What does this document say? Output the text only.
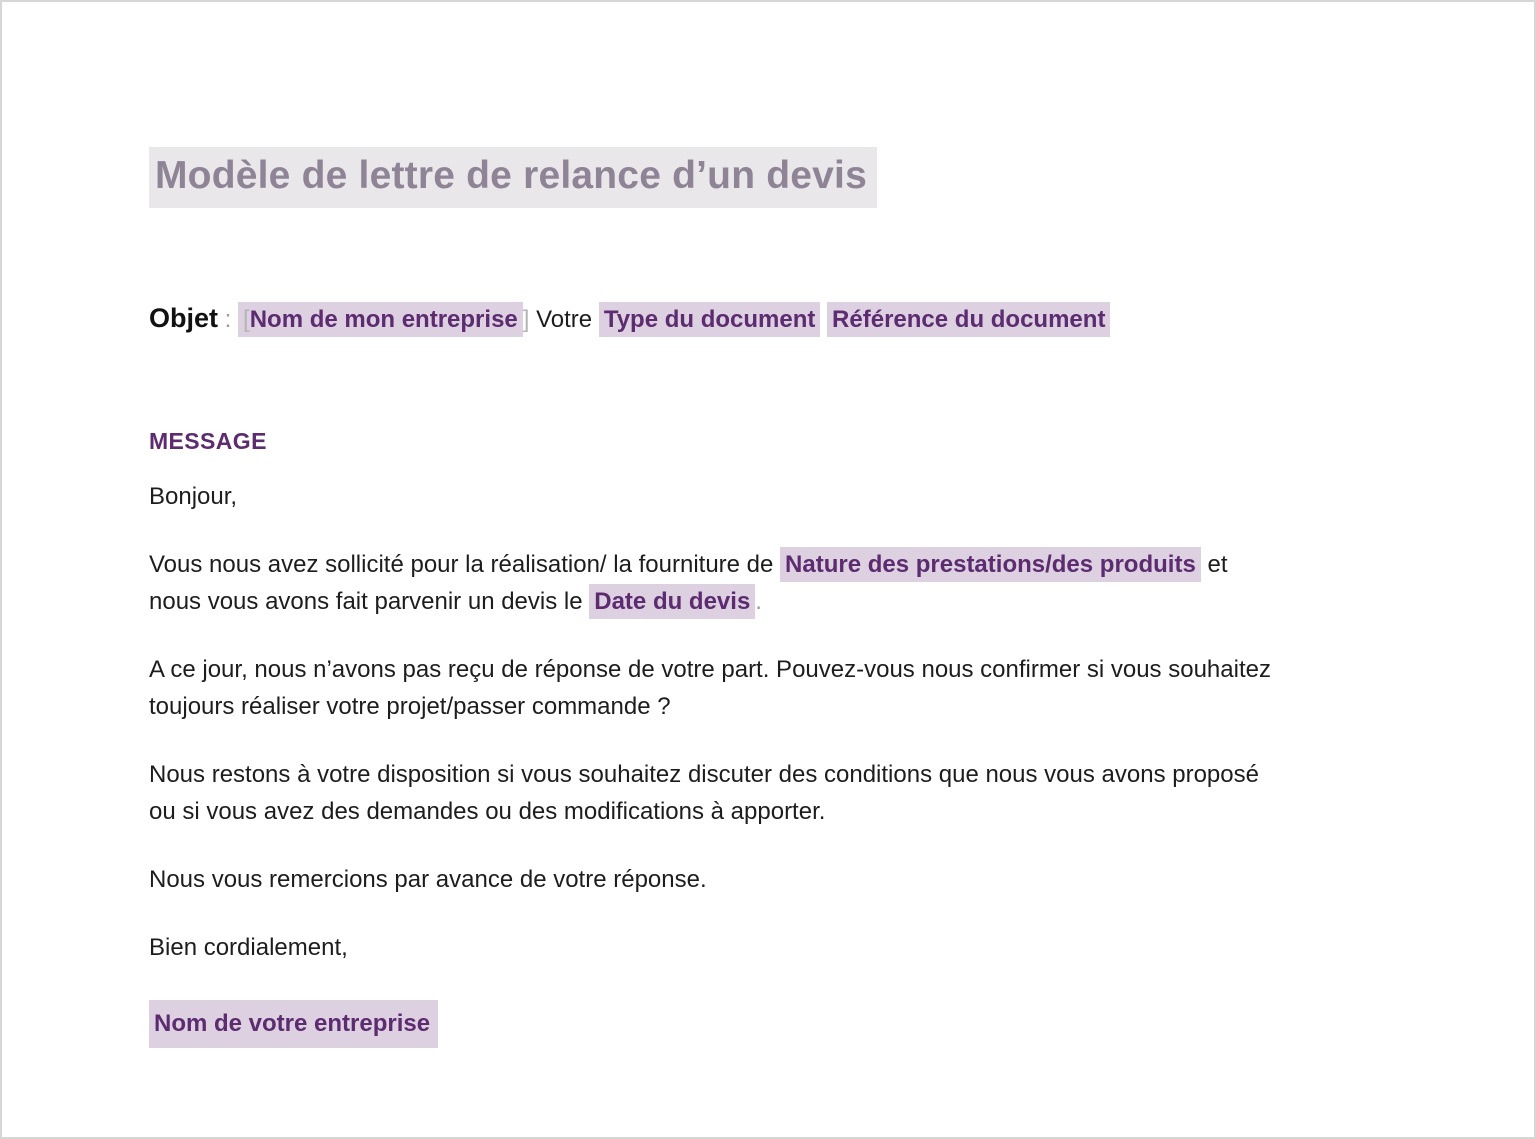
Modèle de lettre de relance d’un devis

Objet : [Nom de mon entreprise ] Votre Type du document Référence du document

MESSAGE

Bonjour,

Vous nous avez sollicité pour la réalisation/ la fourniture de Nature des prestations/des produits et
nous vous avons fait parvenir un devis le Date du devis .

A ce jour, nous n’avons pas reçu de réponse de votre part. Pouvez-vous nous confirmer si vous souhaitez
toujours réaliser votre projet/passer commande ?

Nous restons à votre disposition si vous souhaitez discuter des conditions que nous vous avons proposé
ou si vous avez des demandes ou des modifications à apporter.

Nous vous remercions par avance de votre réponse.

Bien cordialement,

Nom de votre entreprise
